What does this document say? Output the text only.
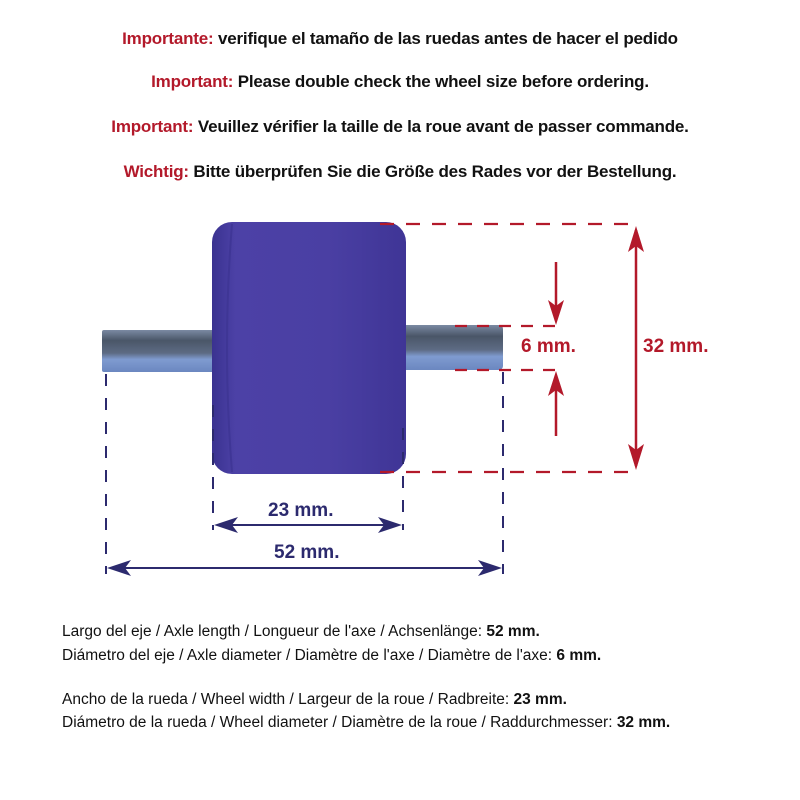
Importante: verifique el tamaño de las ruedas antes de hacer el pedido
Important: Please double check the wheel size before ordering.
Important: Veuillez vérifier la taille de la roue avant de passer commande.
Wichtig: Bitte überprüfen Sie die Größe des Rades vor der Bestellung.
6 mm.	32 mm.
23 mm.
52 mm.
Largo del eje / Axle length / Longueur de l'axe / Achsenlänge: 52 mm.
Diámetro del eje / Axle diameter / Diamètre de l'axe / Diamètre de l'axe: 6 mm.
Ancho de la rueda / Wheel width / Largeur de la roue / Radbreite: 23 mm.
Diámetro de la rueda / Wheel diameter / Diamètre de la roue / Raddurchmesser: 32 mm.
